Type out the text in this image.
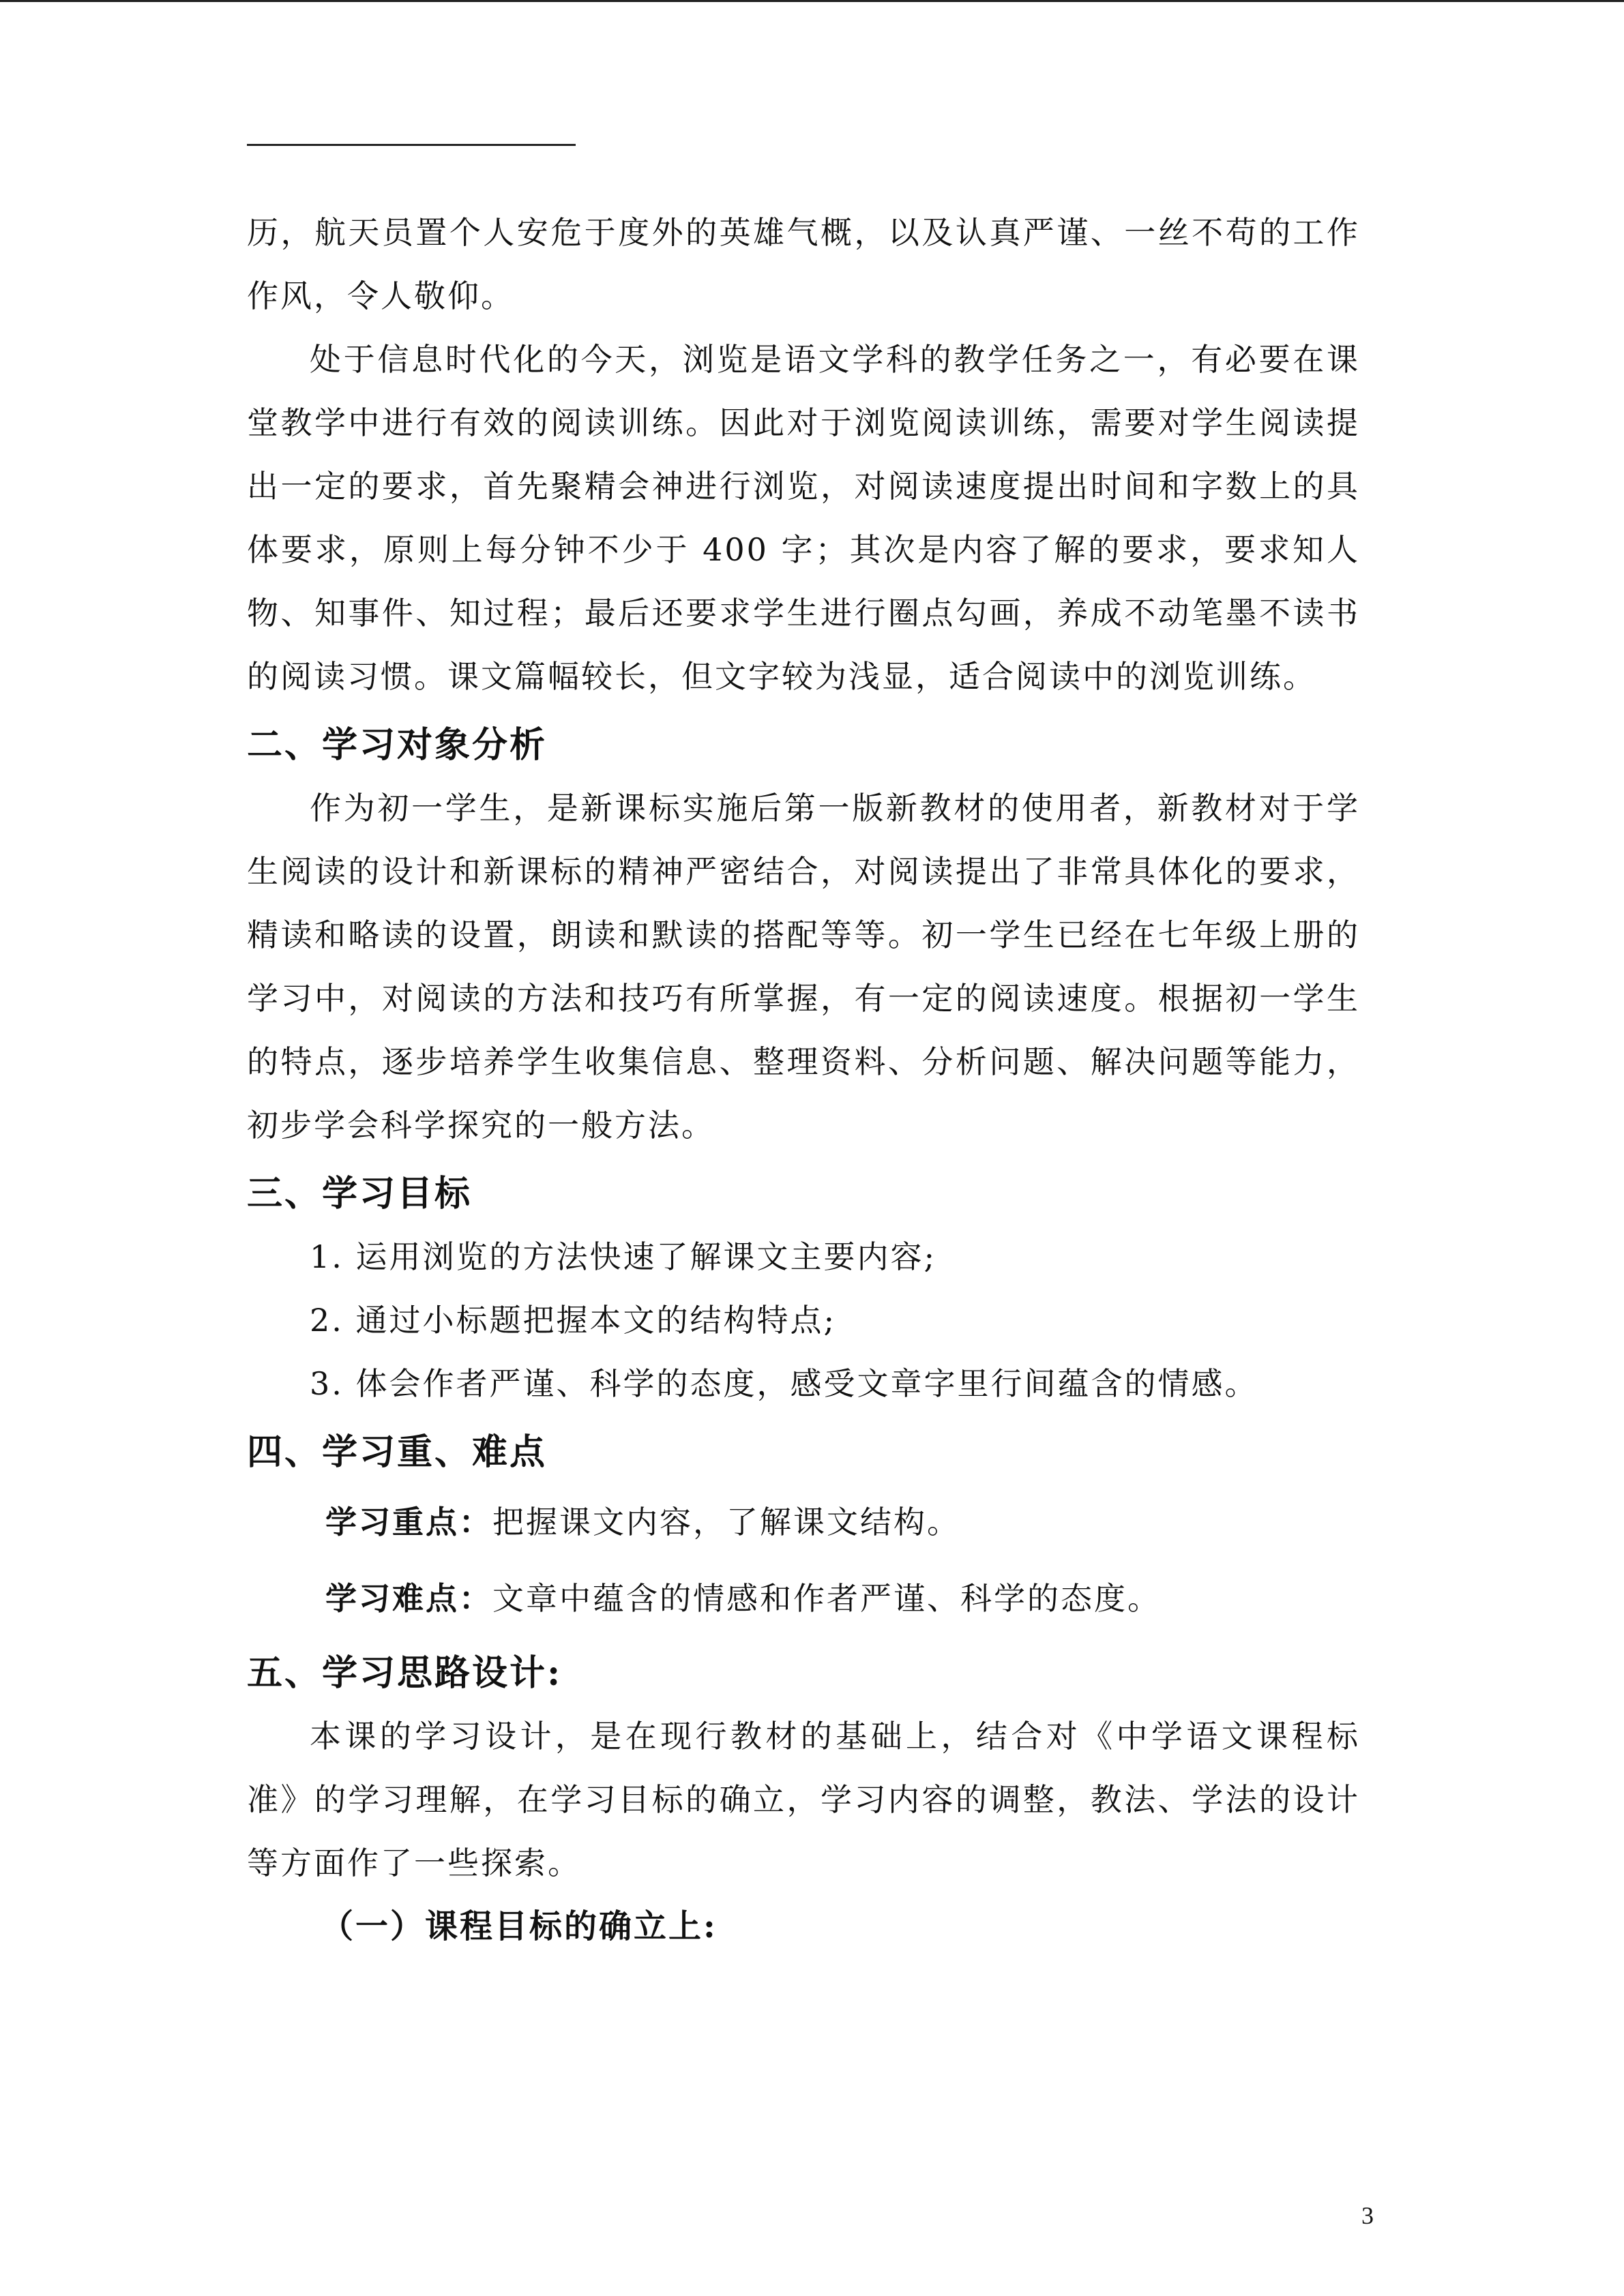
历，航天员置个人安危于度外的英雄气概，以及认真严谨、一丝不苟的工作作风，令人敬仰。

处于信息时代化的今天，浏览是语文学科的教学任务之一，有必要在课堂教学中进行有效的阅读训练。因此对于浏览阅读训练，需要对学生阅读提出一定的要求，首先聚精会神进行浏览，对阅读速度提出时间和字数上的具体要求，原则上每分钟不少于 400 字；其次是内容了解的要求，要求知人物、知事件、知过程；最后还要求学生进行圈点勾画，养成不动笔墨不读书的阅读习惯。课文篇幅较长，但文字较为浅显，适合阅读中的浏览训练。

二、学习对象分析

作为初一学生，是新课标实施后第一版新教材的使用者，新教材对于学生阅读的设计和新课标的精神严密结合，对阅读提出了非常具体化的要求，精读和略读的设置，朗读和默读的搭配等等。初一学生已经在七年级上册的学习中，对阅读的方法和技巧有所掌握，有一定的阅读速度。根据初一学生的特点，逐步培养学生收集信息、整理资料、分析问题、解决问题等能力，初步学会科学探究的一般方法。

三、学习目标

1. 运用浏览的方法快速了解课文主要内容;

2. 通过小标题把握本文的结构特点;

3. 体会作者严谨、科学的态度，感受文章字里行间蕴含的情感。

四、学习重、难点

学习重点：把握课文内容，了解课文结构。

学习难点：文章中蕴含的情感和作者严谨、科学的态度。

五、学习思路设计:

本课的学习设计，是在现行教材的基础上，结合对《中学语文课程标准》的学习理解，在学习目标的确立，学习内容的调整，教法、学法的设计等方面作了一些探索。

（一）课程目标的确立上:

3
